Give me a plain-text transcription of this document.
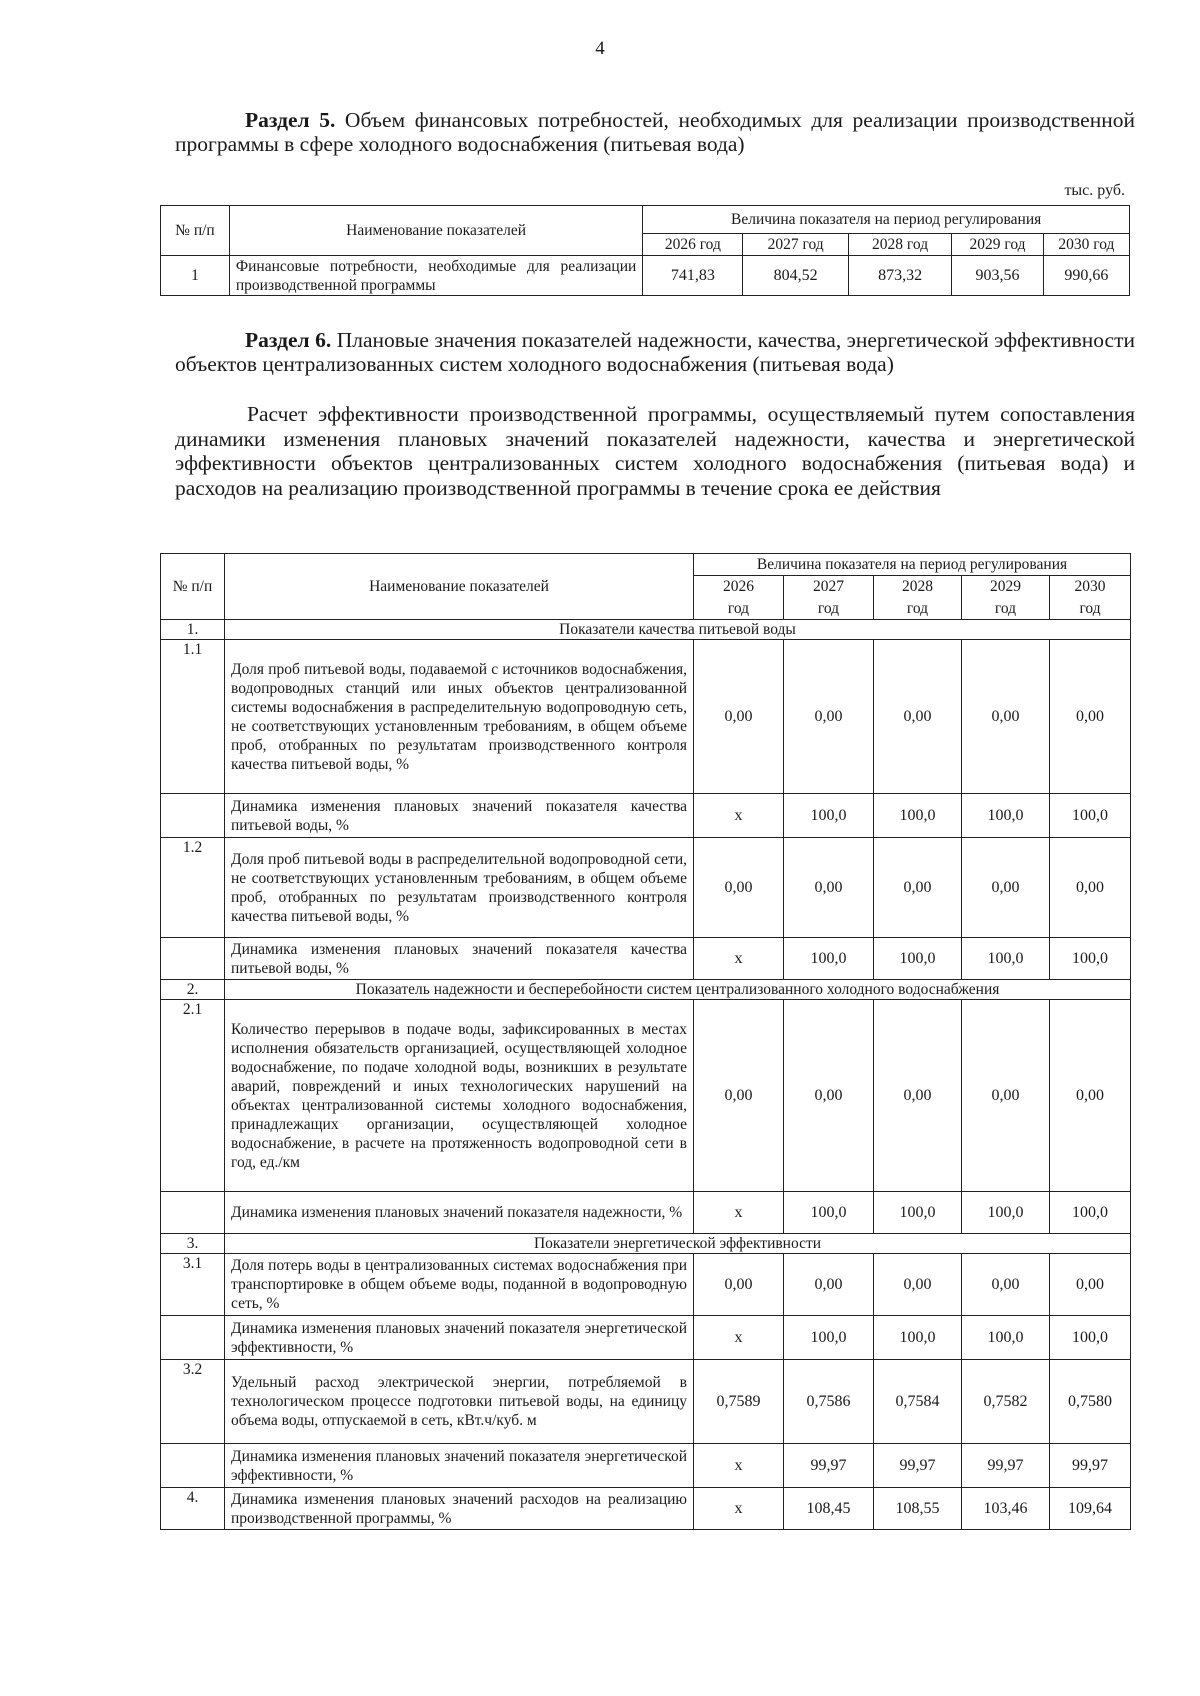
4

Раздел 5. Объем финансовых потребностей, необходимых для реализации производственной программы в сфере холодного водоснабжения (питьевая вода)

тыс. руб.
№ п/п	Наименование показателей	Величина показателя на период регулирования				
		2026 год	2027 год	2028 год	2029 год	2030 год
1	Финансовые потребности, необходимые для реализации производственной программы	741,83	804,52	873,32	903,56	990,66

Раздел 6. Плановые значения показателей надежности, качества, энергетической эффективности объектов централизованных систем холодного водоснабжения (питьевая вода)

Расчет эффективности производственной программы, осуществляемый путем сопоставления динамики изменения плановых значений показателей надежности, качества и энергетической эффективности объектов централизованных систем холодного водоснабжения (питьевая вода) и расходов на реализацию производственной программы в течение срока ее действия

№ п/п	Наименование показателей	Величина показателя на период регулирования				
		2026	2027	2028	2029	2030
		год	год	год	год	год
1.	Показатели качества питьевой воды					
1.1	Доля проб питьевой воды, подаваемой с источников водоснабжения, водопроводных станций или иных объектов централизованной системы водоснабжения в распределительную водопроводную сеть, не соответствующих установленным требованиям, в общем объеме проб, отобранных по результатам производственного контроля качества питьевой воды, %	0,00	0,00	0,00	0,00	0,00
	Динамика изменения плановых значений показателя качества питьевой воды, %	х	100,0	100,0	100,0	100,0
1.2	Доля проб питьевой воды в распределительной водопроводной сети, не соответствующих установленным требованиям, в общем объеме проб, отобранных по результатам производственного контроля качества питьевой воды, %	0,00	0,00	0,00	0,00	0,00
	Динамика изменения плановых значений показателя качества питьевой воды, %	х	100,0	100,0	100,0	100,0
2.	Показатель надежности и бесперебойности систем централизованного холодного водоснабжения					
2.1	Количество перерывов в подаче воды, зафиксированных в местах исполнения обязательств организацией, осуществляющей холодное водоснабжение, по подаче холодной воды, возникших в результате аварий, повреждений и иных технологических нарушений на объектах централизованной системы холодного водоснабжения, принадлежащих организации, осуществляющей холодное водоснабжение, в расчете на протяженность водопроводной сети в год, ед./км	0,00	0,00	0,00	0,00	0,00
	Динамика изменения плановых значений показателя надежности, %	х	100,0	100,0	100,0	100,0
3.	Показатели энергетической эффективности					
3.1	Доля потерь воды в централизованных системах водоснабжения при транспортировке в общем объеме воды, поданной в водопроводную сеть, %	0,00	0,00	0,00	0,00	0,00
	Динамика изменения плановых значений показателя энергетической эффективности, %	х	100,0	100,0	100,0	100,0
3.2	Удельный расход электрической энергии, потребляемой в технологическом процессе подготовки питьевой воды, на единицу объема воды, отпускаемой в сеть, кВт.ч/куб. м	0,7589	0,7586	0,7584	0,7582	0,7580
	Динамика изменения плановых значений показателя энергетической эффективности, %	х	99,97	99,97	99,97	99,97
4.	Динамика изменения плановых значений расходов на реализацию производственной программы, %	х	108,45	108,55	103,46	109,64
